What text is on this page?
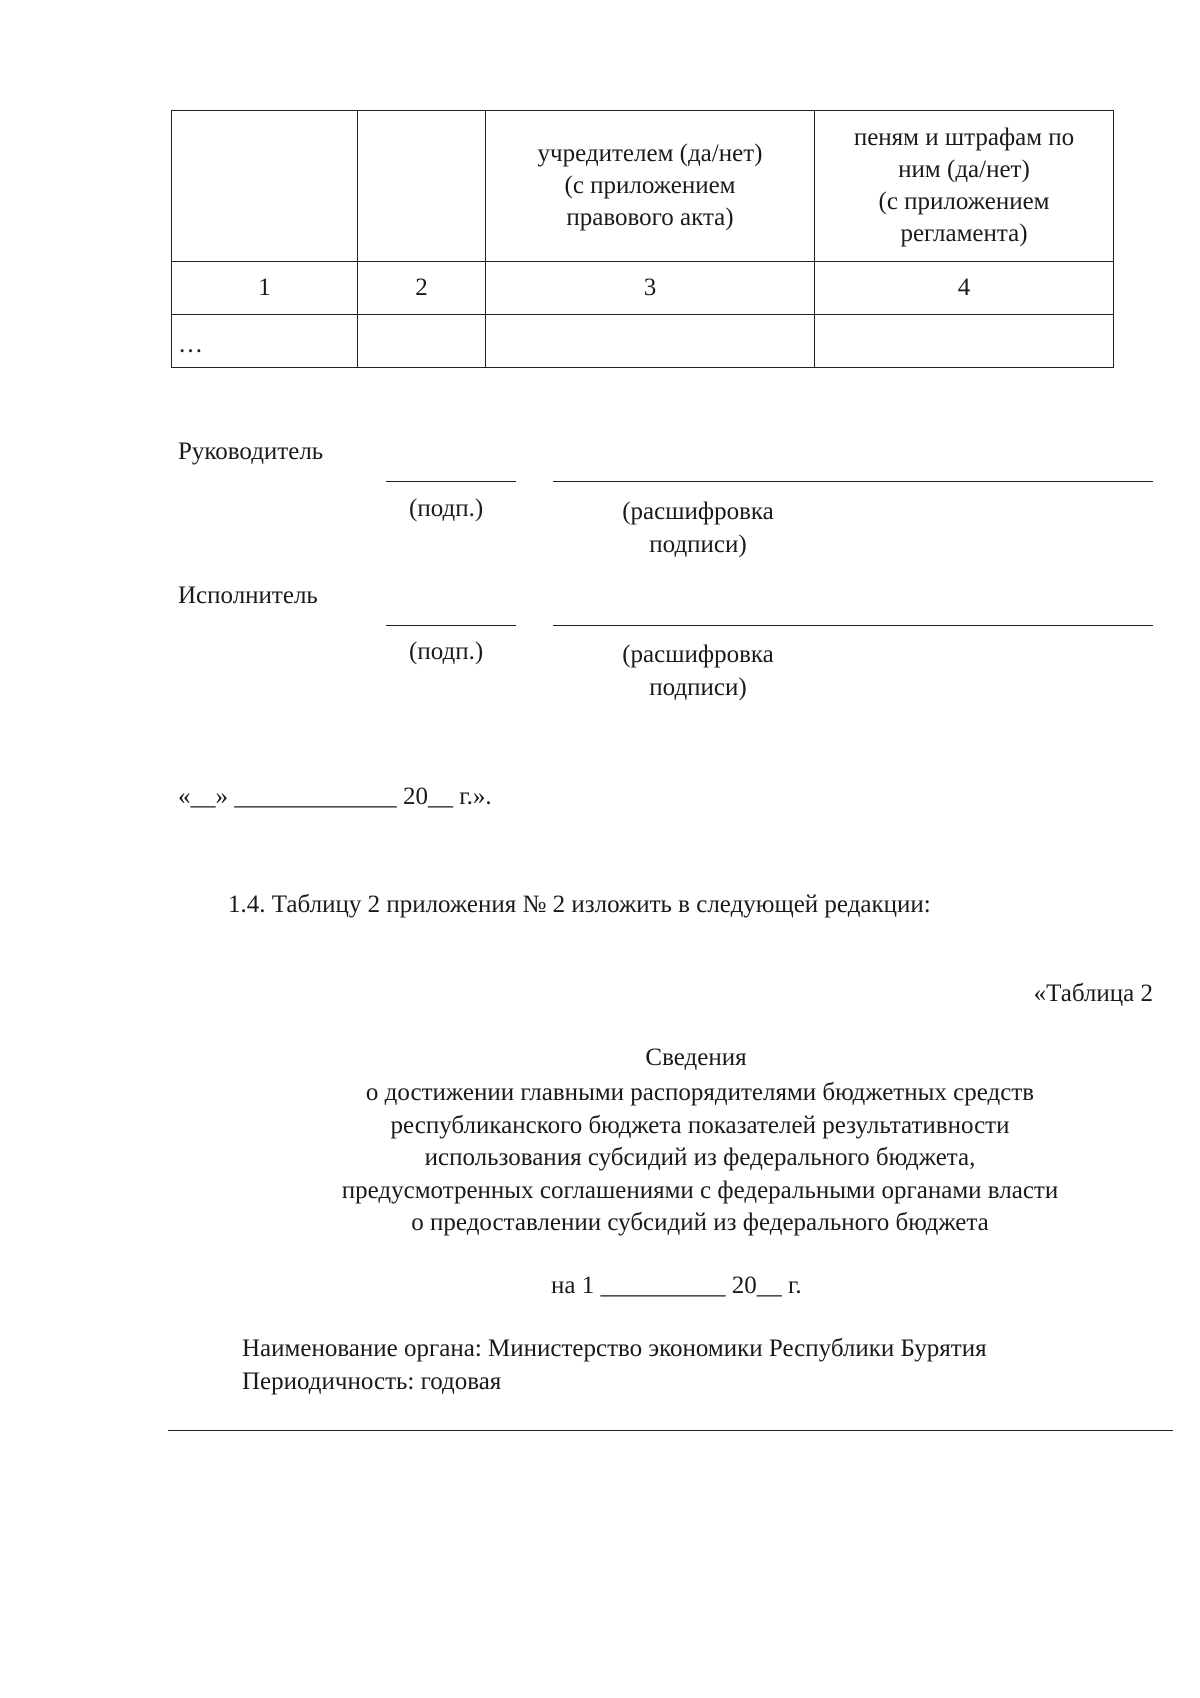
		учредителем (да/нет)
(с приложением
правового акта)	пеням и штрафам по
ним (да/нет)
(с приложением
регламента)
1	2	3	4
…			
Руководитель
(подп.)	(расшифровка
подписи)
Исполнитель
(подп.)	(расшифровка
подписи)
«__» _____________ 20__ г.».
1.4. Таблицу 2 приложения № 2 изложить в следующей редакции:
«Таблица 2
Сведения
о достижении главными распорядителями бюджетных средств
республиканского бюджета показателей результативности
использования субсидий из федерального бюджета,
предусмотренных соглашениями с федеральными органами власти
о предоставлении субсидий из федерального бюджета
на 1 __________ 20__ г.
Наименование органа: Министерство экономики Республики Бурятия
Периодичность: годовая
